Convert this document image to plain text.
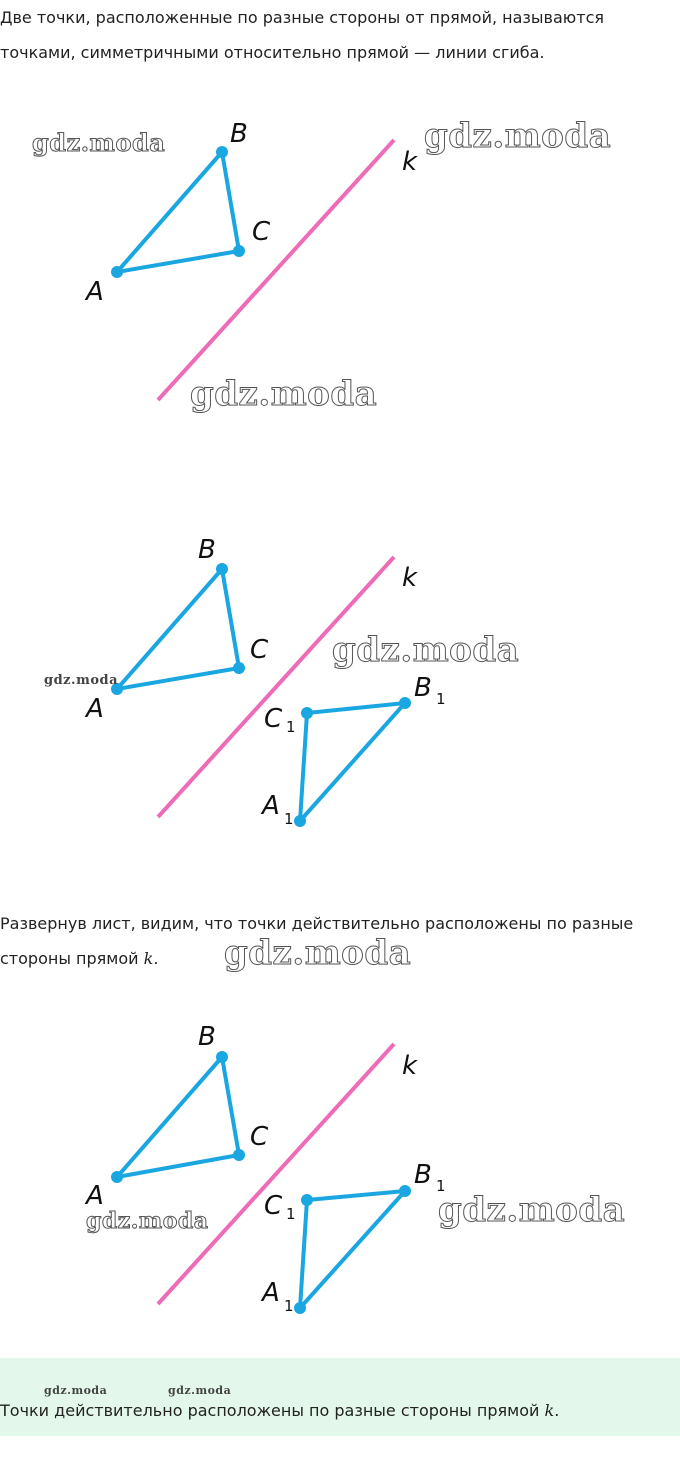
Две точки, расположенные по разные стороны от прямой, называются
точками, симметричными относительно прямой — линии сгиба.

A
B
C
k
gdz.moda	gdz.moda
gdz.moda
A
B
C
k
C 1
B 1
A 1
gdz.moda
gdz.moda

Развернув лист, видим, что точки действительно расположены по разные
стороны прямой k.	gdz.moda
A
B
C
k
C 1
B 1
A 1
gdz.moda	gdz.moda
gdz.moda	gdz.moda

Точки действительно расположены по разные стороны прямой k.
